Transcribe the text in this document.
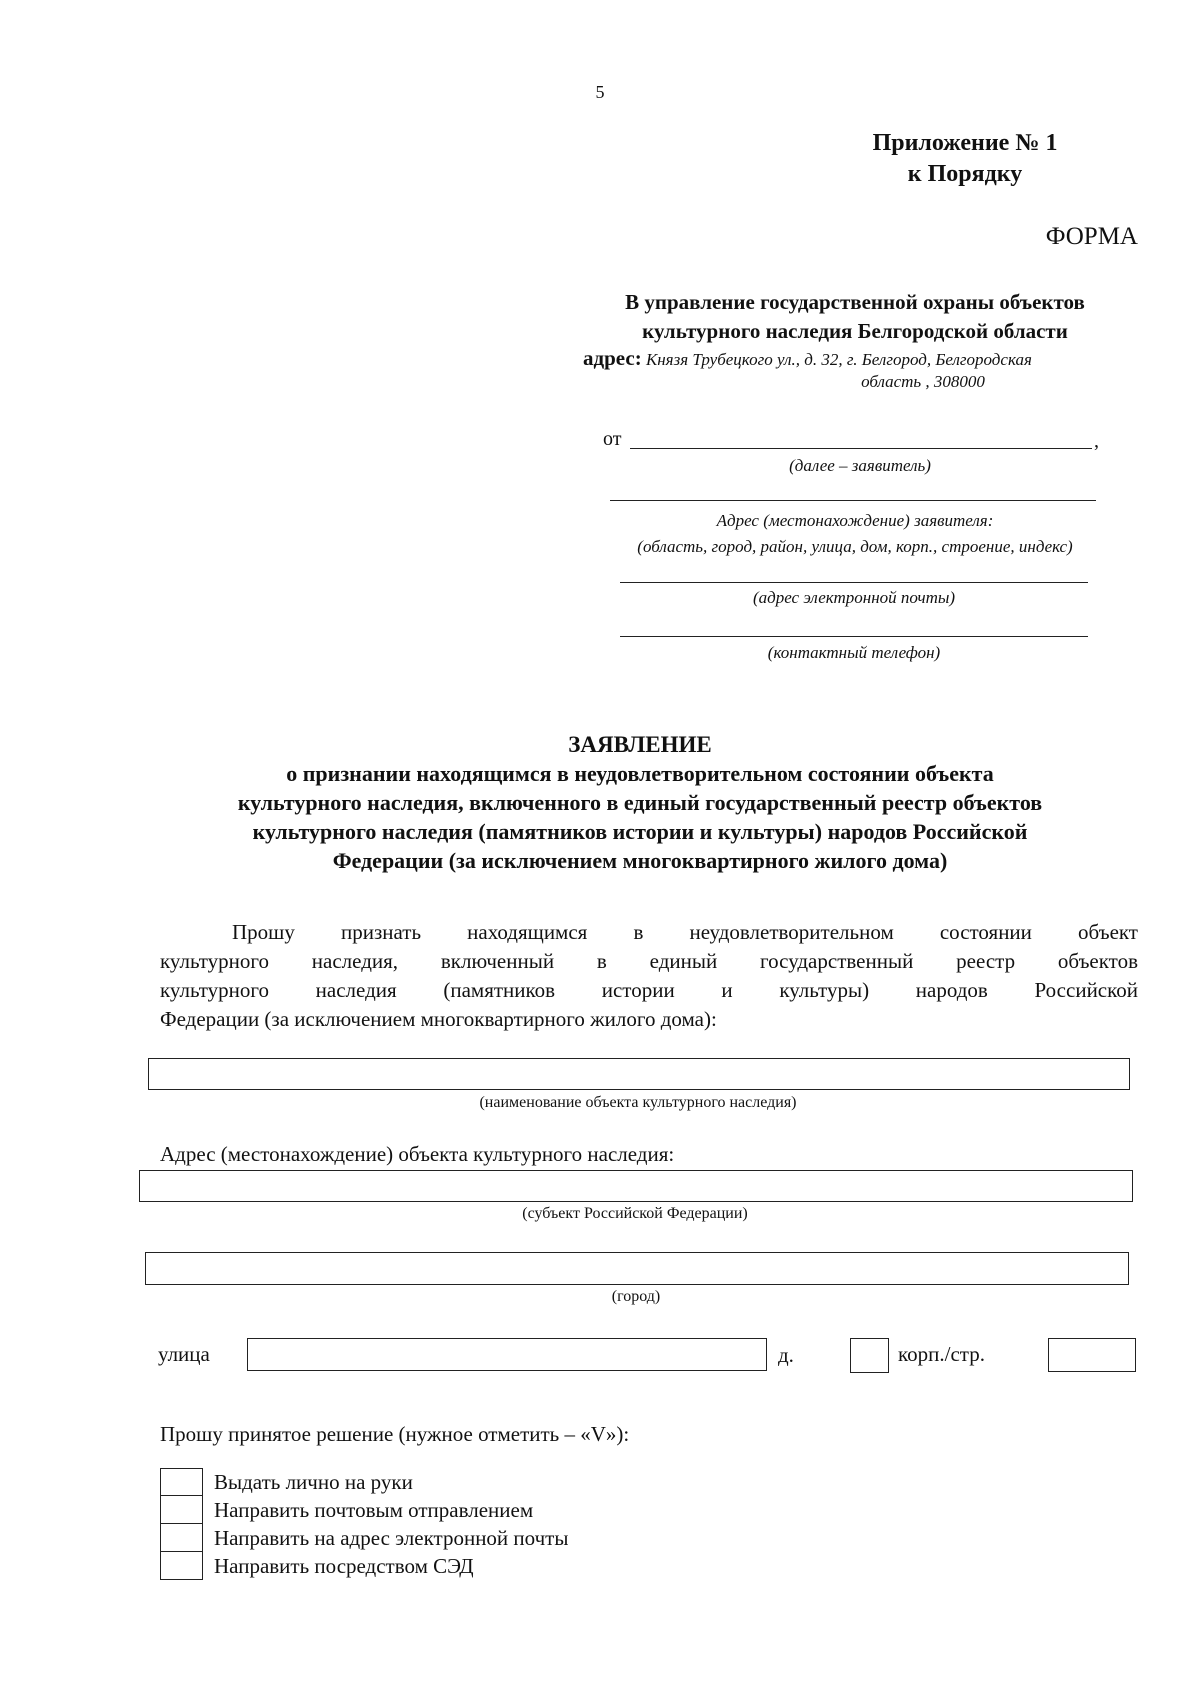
5
Приложение № 1
к Порядку
ФОРМА
В управление государственной охраны объектов
культурного наследия Белгородской области
адрес: Князя Трубецкого ул., д. 32, г. Белгород, Белгородская
область , 308000
от	,
(далее – заявитель)
Адрес (местонахождение) заявителя:
(область, город, район, улица, дом, корп., строение, индекс)
(адрес электронной почты)
(контактный телефон)
ЗАЯВЛЕНИЕ
о признании находящимся в неудовлетворительном состоянии объекта
культурного наследия, включенного в единый государственный реестр объектов
культурного наследия (памятников истории и культуры) народов Российской
Федерации (за исключением многоквартирного жилого дома)
Прошу признать находящимся в неудовлетворительном состоянии объект
культурного наследия, включенный в единый государственный реестр объектов
культурного наследия (памятников истории и культуры) народов Российской
Федерации (за исключением многоквартирного жилого дома):
(наименование объекта культурного наследия)
Адрес (местонахождение) объекта культурного наследия:
(субъект Российской Федерации)
(город)
улица	д.	корп./стр.
Прошу принятое решение (нужное отметить – «V»):
Выдать лично на руки
Направить почтовым отправлением
Направить на адрес электронной почты
Направить посредством СЭД
